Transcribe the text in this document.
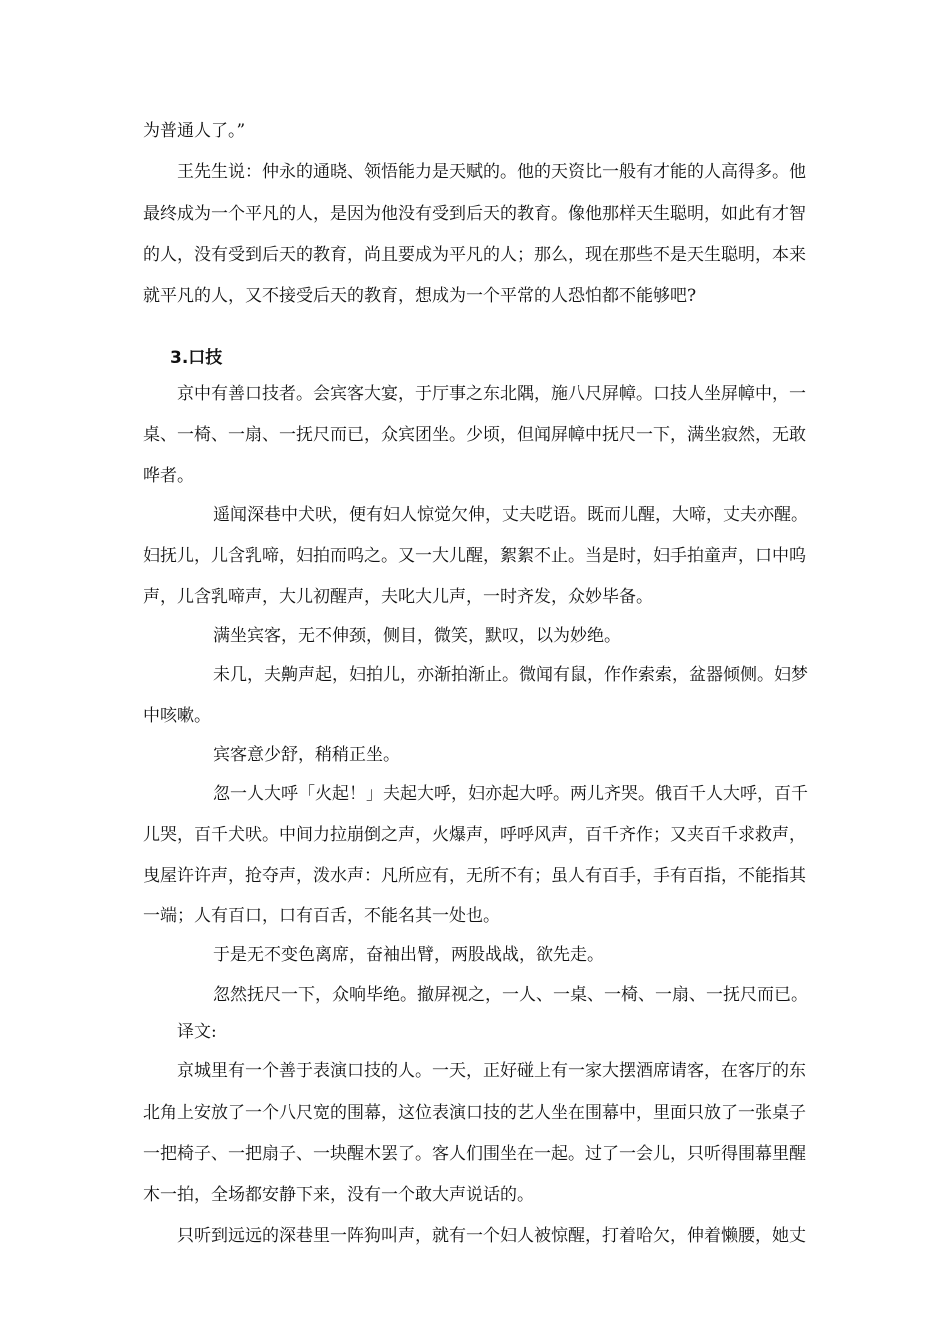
为普通人了。”
王先生说：仲永的通晓、领悟能力是天赋的。他的天资比一般有才能的人高得多。他
最终成为一个平凡的人，是因为他没有受到后天的教育。像他那样天生聪明，如此有才智
的人，没有受到后天的教育，尚且要成为平凡的人；那么，现在那些不是天生聪明，本来
就平凡的人，又不接受后天的教育，想成为一个平常的人恐怕都不能够吧?
3.口技
京中有善口技者。会宾客大宴，于厅事之东北隅，施八尺屏幛。口技人坐屏幛中，一
桌、一椅、一扇、一抚尺而已，众宾团坐。少顷，但闻屏幛中抚尺一下，满坐寂然，无敢
哗者。
遥闻深巷中犬吠，便有妇人惊觉欠伸，丈夫呓语。既而儿醒，大啼，丈夫亦醒。
妇抚儿，儿含乳啼，妇拍而呜之。又一大儿醒，絮絮不止。当是时，妇手拍童声，口中呜
声，儿含乳啼声，大儿初醒声，夫叱大儿声，一时齐发，众妙毕备。
满坐宾客，无不伸颈，侧目，微笑，默叹，以为妙绝。
未几，夫齁声起，妇拍儿，亦渐拍渐止。微闻有鼠，作作索索，盆器倾侧。妇梦
中咳嗽。
宾客意少舒，稍稍正坐。
忽一人大呼「火起！」夫起大呼，妇亦起大呼。两儿齐哭。俄百千人大呼，百千
儿哭，百千犬吠。中间力拉崩倒之声，火爆声，呼呼风声，百千齐作；又夹百千求救声，
曳屋许许声，抢夺声，泼水声：凡所应有，无所不有；虽人有百手，手有百指，不能指其
一端；人有百口，口有百舌，不能名其一处也。
于是无不变色离席，奋袖出臂，两股战战，欲先走。
忽然抚尺一下，众响毕绝。撤屏视之，一人、一桌、一椅、一扇、一抚尺而已。
译文:
京城里有一个善于表演口技的人。一天，正好碰上有一家大摆酒席请客，在客厅的东
北角上安放了一个八尺宽的围幕，这位表演口技的艺人坐在围幕中，里面只放了一张桌子
一把椅子、一把扇子、一块醒木罢了。客人们围坐在一起。过了一会儿，只听得围幕里醒
木一拍，全场都安静下来，没有一个敢大声说话的。
只听到远远的深巷里一阵狗叫声，就有一个妇人被惊醒，打着哈欠，伸着懒腰，她丈
